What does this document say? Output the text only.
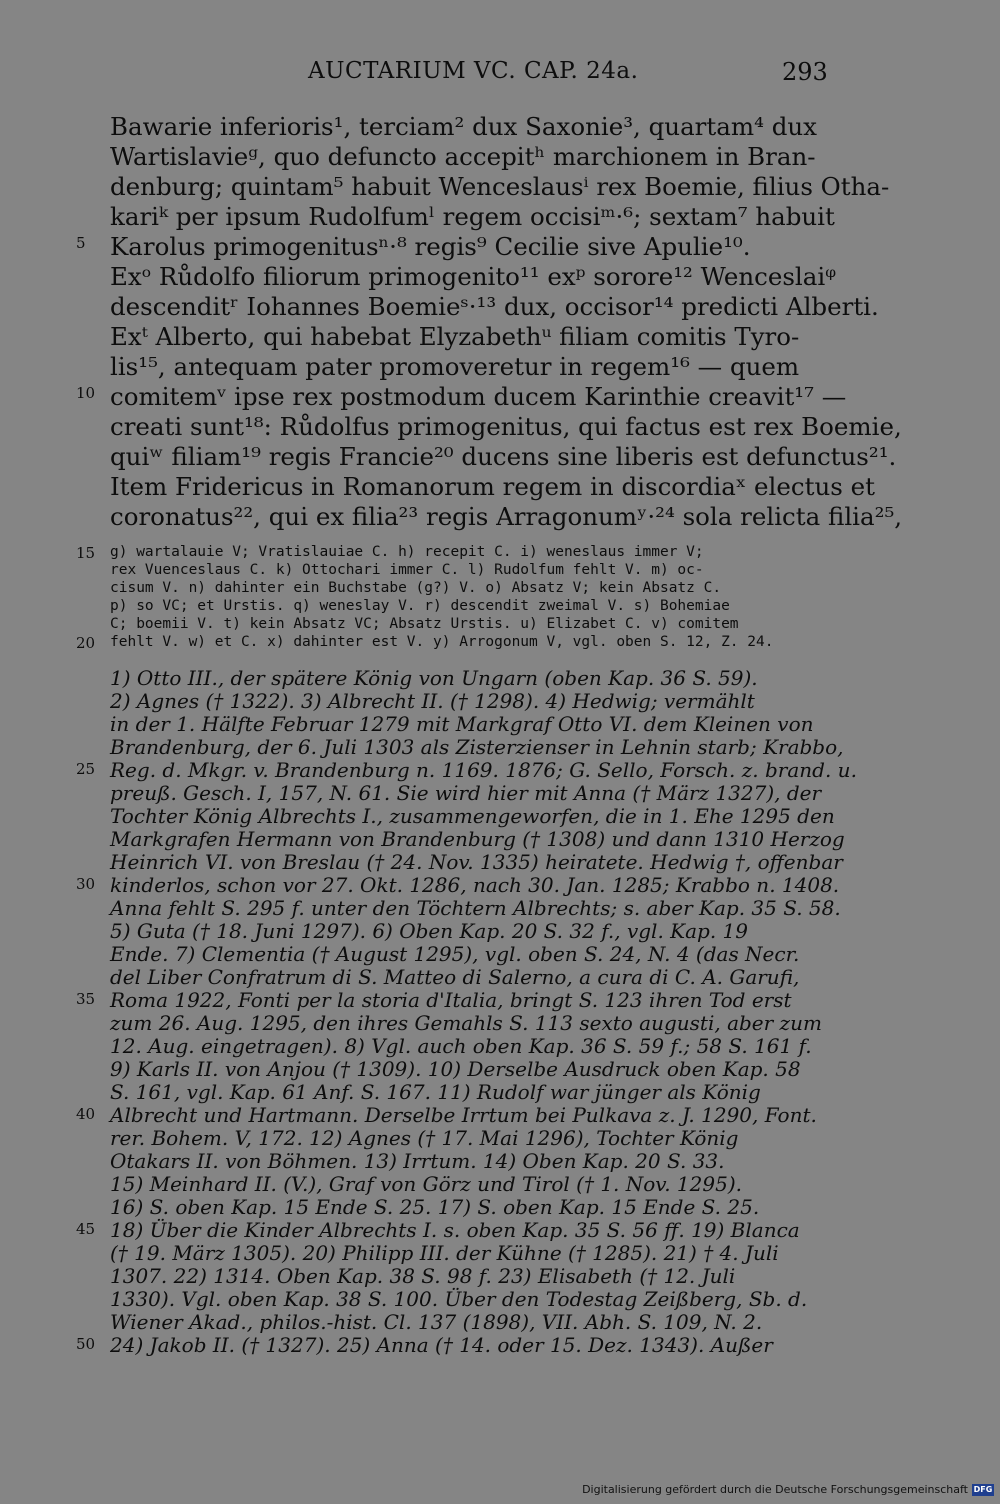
AUCTARIUM VC. CAP. 24a.	293
Bawarie inferioris¹, terciam² dux Saxonie³, quartam⁴ dux
Wartislavieᵍ, quo defuncto accepitʰ marchionem in Bran-
denburg; quintam⁵ habuit Wenceslausⁱ rex Boemie, filius Otha-
kariᵏ per ipsum Rudolfumˡ regem occisiᵐ·⁶; sextam⁷ habuit
Karolus primogenitusⁿ·⁸ regis⁹ Cecilie sive Apulie¹⁰.
Exᵒ Růdolfo filiorum primogenito¹¹ exᵖ sorore¹² Wenceslaiᵠ
descenditʳ Iohannes Boemieˢ·¹³ dux, occisor¹⁴ predicti Alberti.
Exᵗ Alberto, qui habebat Elyzabethᵘ filiam comitis Tyro-
lis¹⁵, antequam pater promoveretur in regem¹⁶ — quem
comitemᵛ ipse rex postmodum ducem Karinthie creavit¹⁷ —
creati sunt¹⁸: Růdolfus primogenitus, qui factus est rex Boemie,
quiʷ filiam¹⁹ regis Francie²⁰ ducens sine liberis est defunctus²¹.
Item Fridericus in Romanorum regem in discordiaˣ electus et
coronatus²², qui ex filia²³ regis Arragonumʸ·²⁴ sola relicta filia²⁵,
g) wartalauie V; Vratislauiae C. h) recepit C. i) weneslaus immer V;
rex Vuenceslaus C. k) Ottochari immer C. l) Rudolfum fehlt V. m) oc-
cisum V. n) dahinter ein Buchstabe (g?) V. o) Absatz V; kein Absatz C.
p) so VC; et Urstis. q) weneslay V. r) descendit zweimal V. s) Bohemiae
C; boemii V. t) kein Absatz VC; Absatz Urstis. u) Elizabet C. v) comitem
fehlt V. w) et C. x) dahinter est V. y) Arrogonum V, vgl. oben S. 12, Z. 24.
1) Otto III., der spätere König von Ungarn (oben Kap. 36 S. 59).
2) Agnes († 1322). 3) Albrecht II. († 1298). 4) Hedwig; vermählt
in der 1. Hälfte Februar 1279 mit Markgraf Otto VI. dem Kleinen von
Brandenburg, der 6. Juli 1303 als Zisterzienser in Lehnin starb; Krabbo,
Reg. d. Mkgr. v. Brandenburg n. 1169. 1876; G. Sello, Forsch. z. brand. u.
preuß. Gesch. I, 157, N. 61. Sie wird hier mit Anna († März 1327), der
Tochter König Albrechts I., zusammengeworfen, die in 1. Ehe 1295 den
Markgrafen Hermann von Brandenburg († 1308) und dann 1310 Herzog
Heinrich VI. von Breslau († 24. Nov. 1335) heiratete. Hedwig †, offenbar
kinderlos, schon vor 27. Okt. 1286, nach 30. Jan. 1285; Krabbo n. 1408.
Anna fehlt S. 295 f. unter den Töchtern Albrechts; s. aber Kap. 35 S. 58.
5) Guta († 18. Juni 1297). 6) Oben Kap. 20 S. 32 f., vgl. Kap. 19
Ende. 7) Clementia († August 1295), vgl. oben S. 24, N. 4 (das Necr.
del Liber Confratrum di S. Matteo di Salerno, a cura di C. A. Garufi,
Roma 1922, Fonti per la storia d'Italia, bringt S. 123 ihren Tod erst
zum 26. Aug. 1295, den ihres Gemahls S. 113 sexto augusti, aber zum
12. Aug. eingetragen). 8) Vgl. auch oben Kap. 36 S. 59 f.; 58 S. 161 f.
9) Karls II. von Anjou († 1309). 10) Derselbe Ausdruck oben Kap. 58
S. 161, vgl. Kap. 61 Anf. S. 167. 11) Rudolf war jünger als König
Albrecht und Hartmann. Derselbe Irrtum bei Pulkava z. J. 1290, Font.
rer. Bohem. V, 172. 12) Agnes († 17. Mai 1296), Tochter König
Otakars II. von Böhmen. 13) Irrtum. 14) Oben Kap. 20 S. 33.
15) Meinhard II. (V.), Graf von Görz und Tirol († 1. Nov. 1295).
16) S. oben Kap. 15 Ende S. 25. 17) S. oben Kap. 15 Ende S. 25.
18) Über die Kinder Albrechts I. s. oben Kap. 35 S. 56 ff. 19) Blanca
(† 19. März 1305). 20) Philipp III. der Kühne († 1285). 21) † 4. Juli
1307. 22) 1314. Oben Kap. 38 S. 98 f. 23) Elisabeth († 12. Juli
1330). Vgl. oben Kap. 38 S. 100. Über den Todestag Zeißberg, Sb. d.
Wiener Akad., philos.-hist. Cl. 137 (1898), VII. Abh. S. 109, N. 2.
24) Jakob II. († 1327). 25) Anna († 14. oder 15. Dez. 1343). Außer
5
10
15
20
25
30
35
40
45
50
Digitalisierung gefördert durch die Deutsche Forschungsgemeinschaft DFG
